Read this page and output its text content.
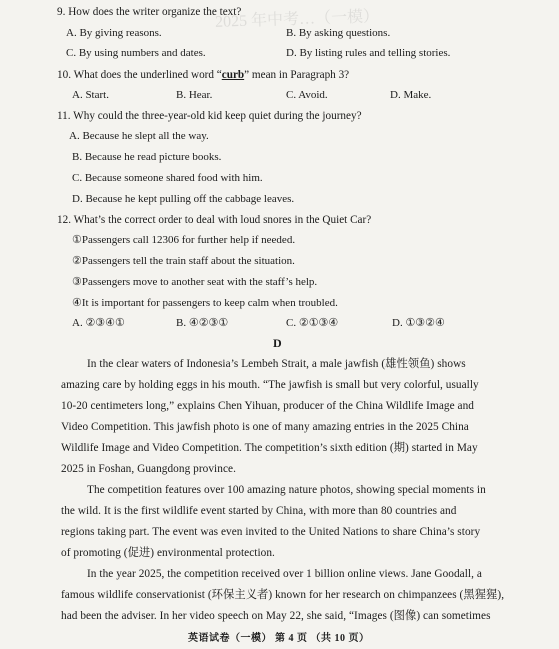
2025 年中考…（一模）
9. How does the writer organize the text?
A. By giving reasons.	B. By asking questions.
C. By using numbers and dates.	D. By listing rules and telling stories.
10. What does the underlined word “curb” mean in Paragraph 3?
A. Start.	B. Hear.	C. Avoid.	D. Make.
11. Why could the three-year-old kid keep quiet during the journey?
A. Because he slept all the way.
B. Because he read picture books.
C. Because someone shared food with him.
D. Because he kept pulling off the cabbage leaves.
12. What’s the correct order to deal with loud snores in the Quiet Car?
①Passengers call 12306 for further help if needed.
②Passengers tell the train staff about the situation.
③Passengers move to another seat with the staff’s help.
④It is important for passengers to keep calm when troubled.
A. ②③④①	B. ④②③①	C. ②①③④	D. ①③②④
D
In the clear waters of Indonesia’s Lembeh Strait, a male jawfish (雄性领鱼) shows
amazing care by holding eggs in his mouth. “The jawfish is small but very colorful, usually
10-20 centimeters long,” explains Chen Yihuan, producer of the China Wildlife Image and
Video Competition. This jawfish photo is one of many amazing entries in the 2025 China
Wildlife Image and Video Competition. The competition’s sixth edition (期) started in May
2025 in Foshan, Guangdong province.
The competition features over 100 amazing nature photos, showing special moments in
the wild. It is the first wildlife event started by China, with more than 80 countries and
regions taking part. The event was even invited to the United Nations to share China’s story
of promoting (促进) environmental protection.
In the year 2025, the competition received over 1 billion online views. Jane Goodall, a
famous wildlife conservationist (环保主义者) known for her research on chimpanzees (黑猩猩),
had been the adviser. In her video speech on May 22, she said, “Images (图像) can sometimes
英语试卷（一模） 第 4 页 （共 10 页）
